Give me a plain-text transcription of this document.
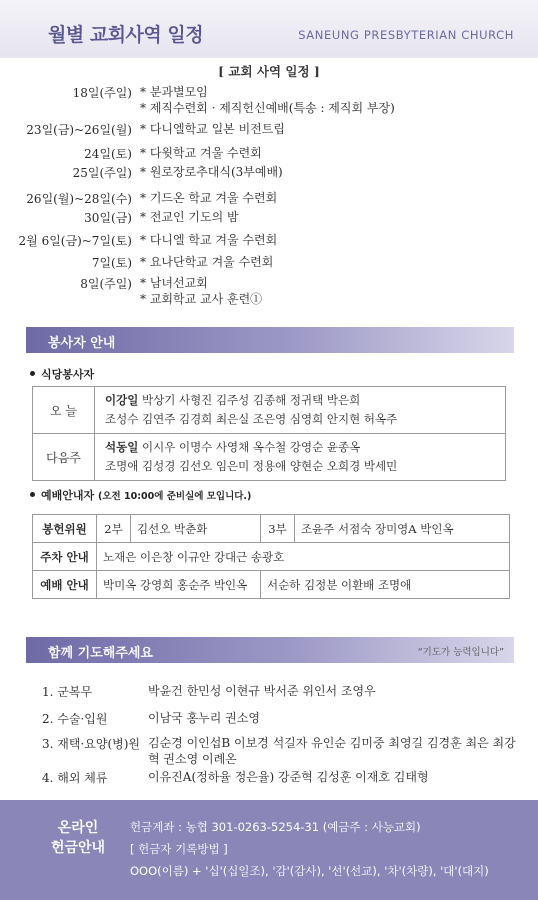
월별 교회사역 일정	SANEUNG PRESBYTERIAN CHURCH
[ 교회 사역 일정 ]
18일(주일) * 분과별모임
* 제직수련회 · 제직헌신예배(특송 : 제직회 부장)
23일(금)~26일(월) * 다니엘학교 일본 비전트립
24일(토) * 다윗학교 겨울 수련회
25일(주일) * 원로장로추대식(3부예배)
26일(월)~28일(수) * 기드온 학교 겨울 수련회
30일(금) * 전교인 기도의 밤
2월 6일(금)~7일(토) * 다니엘 학교 겨울 수련회
7일(토) * 요나단학교 겨울 수련회
8일(주일) * 남녀선교회
* 교회학교 교사 훈련①
봉사자 안내
식당봉사자
오 늘	이강일 박상기 사형진 김주성 김종해 정귀택 박은희
조성수 김연주 김경희 최은실 조은영 심영희 안지현 허옥주
다음주	석동일 이시우 이명수 사영채 옥수철 강영순 윤종옥
조명애 김성경 김선오 임은미 정용애 양현순 오희경 박세민
예배안내자 (오전 10:00에 준비실에 모입니다.)
봉헌위원	2부	김선오 박춘화	3부	조윤주 서점숙 장미영A 박인옥
주차 안내	노재은 이은창 이규안 강대근 송광호			
예배 안내	박미옥 강영희 홍순주 박인옥		서순하 김정분 이환배 조명애	
함께 기도해주세요	“기도가 능력입니다”
1. 군복무	박윤건 한민성 이현규 박서준 위인서 조영우
2. 수술·입원	이남국 홍누리 권소영
3. 재택·요양(병)원 김순경 이인섭B 이보경 석길자 유인순 김미중 최영길 김경훈 최은 최강혁 권소영 이례온
4. 해외 체류	이유진A(정하율 정은율) 강준혁 김성훈 이재호 김태형
온라인
헌금안내
헌금계좌 : 농협 301-0263-5254-31 (예금주 : 사능교회)
[ 헌금자 기록방법 ]
OOO(이름) + '십'(십일조), '감'(감사), '선'(선교), '차'(차량), '대'(대지)
